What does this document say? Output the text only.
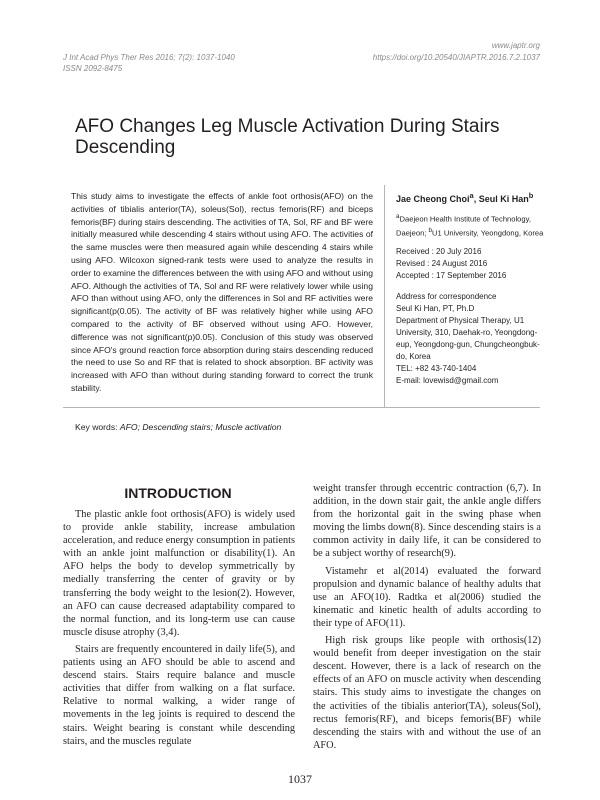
J Int Acad Phys Ther Res 2016; 7(2): 1037-1040
ISSN 2092-8475
www.japtr.org
https://doi.org/10.20540/JIAPTR.2016.7.2.1037
AFO Changes Leg Muscle Activation During Stairs Descending

This study aims to investigate the effects of ankle foot orthosis(AFO) on the activities of tibialis anterior(TA), soleus(Sol), rectus femoris(RF) and biceps femoris(BF) during stairs descending. The activities of TA, Sol, RF and BF were initially measured while descending 4 stairs without using AFO. The activities of the same muscles were then measured again while descending 4 stairs while using AFO. Wilcoxon signed-rank tests were used to analyze the results in order to examine the differences between the with using AFO and without using AFO. Although the activities of TA, Sol and RF were relatively lower while using AFO than without using AFO, only the differences in Sol and RF activities were significant(p(0.05). The activity of BF was relatively higher while using AFO compared to the activity of BF observed without using AFO. However, difference was not significant(p)0.05). Conclusion of this study was observed since AFO's ground reaction force absorption during stairs descending reduced the need to use So and RF that is related to shock absorption. BF activity was increased with AFO than without during standing forward to correct the trunk stability.

Jae Cheong Choi$^a$, Seul Ki Han$^b$

$^a$Daejeon Health Institute of Technology, Daejeon; $^b$U1 University, Yeongdong, Korea

Received : 20 July 2016

Revised : 24 August 2016

Accepted : 17 September 2016

Address for correspondence

Seul Ki Han, PT, Ph.D

Department of Physical Therapy, U1 University, 310, Daehak-ro, Yeongdong-eup, Yeongdong-gun, Chungcheongbuk-do, Korea

TEL: +82 43-740-1404

E-mail: lovewisd@gmail.com

Key words: AFO; Descending stairs; Muscle activation
INTRODUCTION

The plastic ankle foot orthosis(AFO) is widely used to provide ankle stability, increase ambulation acceleration, and reduce energy consumption in patients with an ankle joint malfunction or disability(1). An AFO helps the body to develop symmetrically by medially transferring the center of gravity or by transferring the body weight to the lesion(2). However, an AFO can cause decreased adaptability compared to the normal function, and its long-term use can cause muscle disuse atrophy (3,4).

Stairs are frequently encountered in daily life(5), and patients using an AFO should be able to ascend and descend stairs. Stairs require balance and muscle activities that differ from walking on a flat surface. Relative to normal walking, a wider range of movements in the leg joints is required to descend the stairs. Weight bearing is constant while descending stairs, and the muscles regulate

weight transfer through eccentric contraction (6,7). In addition, in the down stair gait, the ankle angle differs from the horizontal gait in the swing phase when moving the limbs down(8). Since descending stairs is a common activity in daily life, it can be considered to be a subject worthy of research(9).

Vistamehr et al(2014) evaluated the forward propulsion and dynamic balance of healthy adults that use an AFO(10). Radtka et al(2006) studied the kinematic and kinetic health of adults according to their type of AFO(11).

High risk groups like people with orthosis(12) would benefit from deeper investigation on the stair descent. However, there is a lack of research on the effects of an AFO on muscle activity when descending stairs. This study aims to investigate the changes on the activities of the tibialis anterior(TA), soleus(Sol), rectus femoris(RF), and biceps femoris(BF) while descending the stairs with and without the use of an AFO.

1037
